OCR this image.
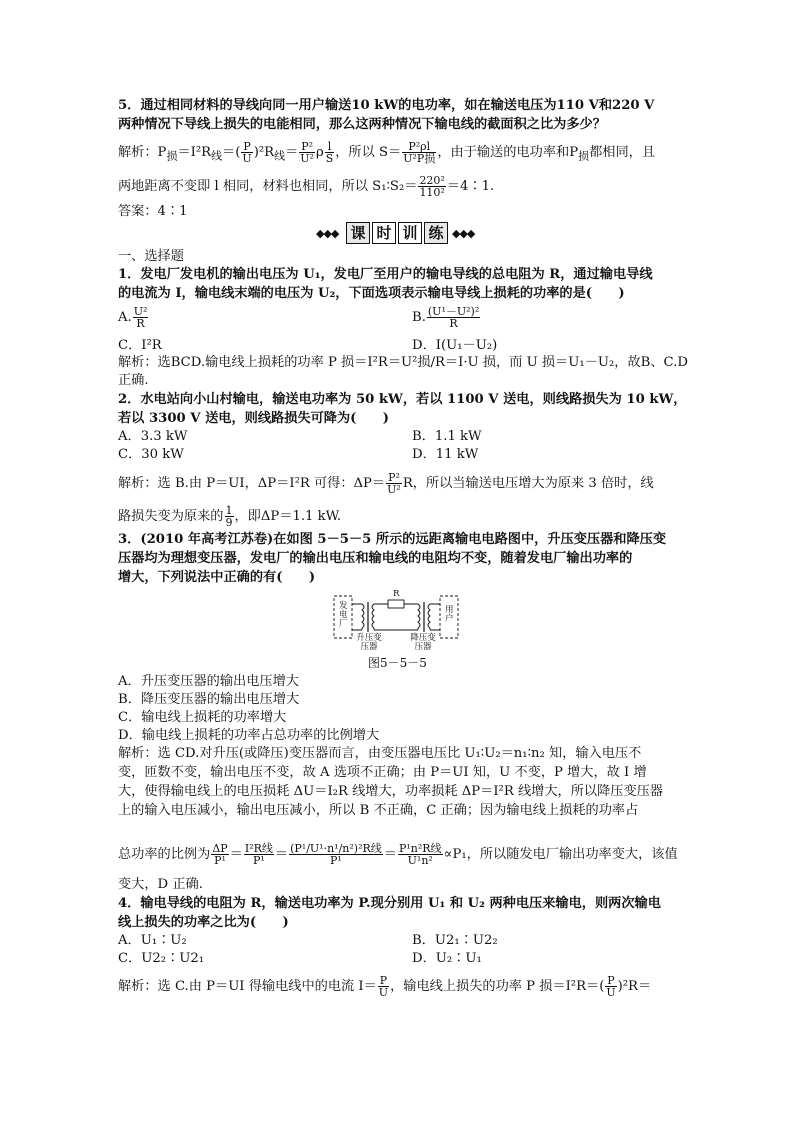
5．通过相同材料的导线向同一用户输送10 kW的电功率，如在输送电压为110 V和220 V
两种情况下导线上损失的电能相同，那么这两种情况下输电线的截面积之比为多少？
解析：$P_损=I^2R_线=( \frac{P}{U} )^2R_线= \frac{\text{P²}}{\text{U²}}$ ρ $\frac{l}{S}$ ，所以 $S= \frac{\text{P²ρl}}{\text{U²P损}}$ ，由于输送的电功率和$P_损$都相同，且
两地距离不变即 l 相同，材料也相同，所以 S₁∶S₂＝ $\frac{\text{220²}}{\text{110²}}$ ＝4∶1.
答案：4∶1
◆◆◆ 课 时 训 练 ◆◆◆
一、选择题
1．发电厂发电机的输出电压为 U₁，发电厂至用户的输电导线的总电阻为 R，通过输电导线
的电流为 I，输电线末端的电压为 U₂，下面选项表示输电导线上损耗的功率的是(　　)
A. $\frac{\text{U²}}{R}$	B. $\frac{\text{(U¹－U²)²}}{R}$
C．I²R	D．I(U₁－U₂)
解析：选BCD.输电线上损耗的功率 P 损＝I²R＝U²损/R＝I·U 损，而 U 损＝U₁－U₂，故B、C.D
正确.
2．水电站向小山村输电，输送电功率为 50 kW，若以 1100 V 送电，则线路损失为 10 kW，
若以 3300 V 送电，则线路损失可降为(　　)
A．3.3 kW	B．1.1 kW
C．30 kW	D．11 kW
解析：选 B.由 P＝UI，ΔP＝I²R 可得：$\Delta P= \frac{\text{P²}}{\text{U²}}$ R，所以当输送电压增大为原来 3 倍时，线
路损失变为原来的 $\frac{1}{9}$ ，即ΔP＝1.1 kW.
3．(2010 年高考江苏卷)在如图 5－5－5 所示的远距离输电电路图中，升压变压器和降压变
压器均为理想变压器，发电厂的输出电压和输电线的电阻均不变，随着发电厂输出功率的
增大，下列说法中正确的有(　　)
R
发电厂
用户
升压变压器
降压变压器
图5－5－5
A．升压变压器的输出电压增大
B．降压变压器的输出电压增大
C．输电线上损耗的功率增大
D．输电线上损耗的功率占总功率的比例增大
解析：选 CD.对升压(或降压)变压器而言，由变压器电压比 U₁∶U₂＝n₁∶n₂ 知，输入电压不
变，匝数不变，输出电压不变，故 A 选项不正确；由 P＝UI 知，U 不变，P 增大，故 I 增
大，使得输电线上的电压损耗 ΔU＝I₂R 线增大，功率损耗 ΔP＝I²R 线增大，所以降压变压器
上的输入电压减小，输出电压减小，所以 B 不正确，C 正确；因为输电线上损耗的功率占
总功率的比例为 $\frac{\Delta P}{\text{P¹}} = \frac{\text{I²R线}}{\text{P¹}} = \frac{\text{(P¹/U¹·n¹/n²)²R线}}{\text{P¹}} = \frac{\text{P¹n²R线}}{\text{U¹n²}} \propto P_1$，所以随发电厂输出功率变大，该值
变大，D 正确.
4．输电导线的电阻为 R，输送电功率为 P.现分别用 U₁ 和 U₂ 两种电压来输电，则两次输电
线上损失的功率之比为(　　)
A．U₁∶U₂	B．U2₁∶U2₂
C．U2₂∶U2₁	D．U₂∶U₁
解析：选 C.由 P＝UI 得输电线中的电流 $I= \frac{P}{U}$ ，输电线上损失的功率 P 损$=I^2R=( \frac{P}{U} )^2R=$
